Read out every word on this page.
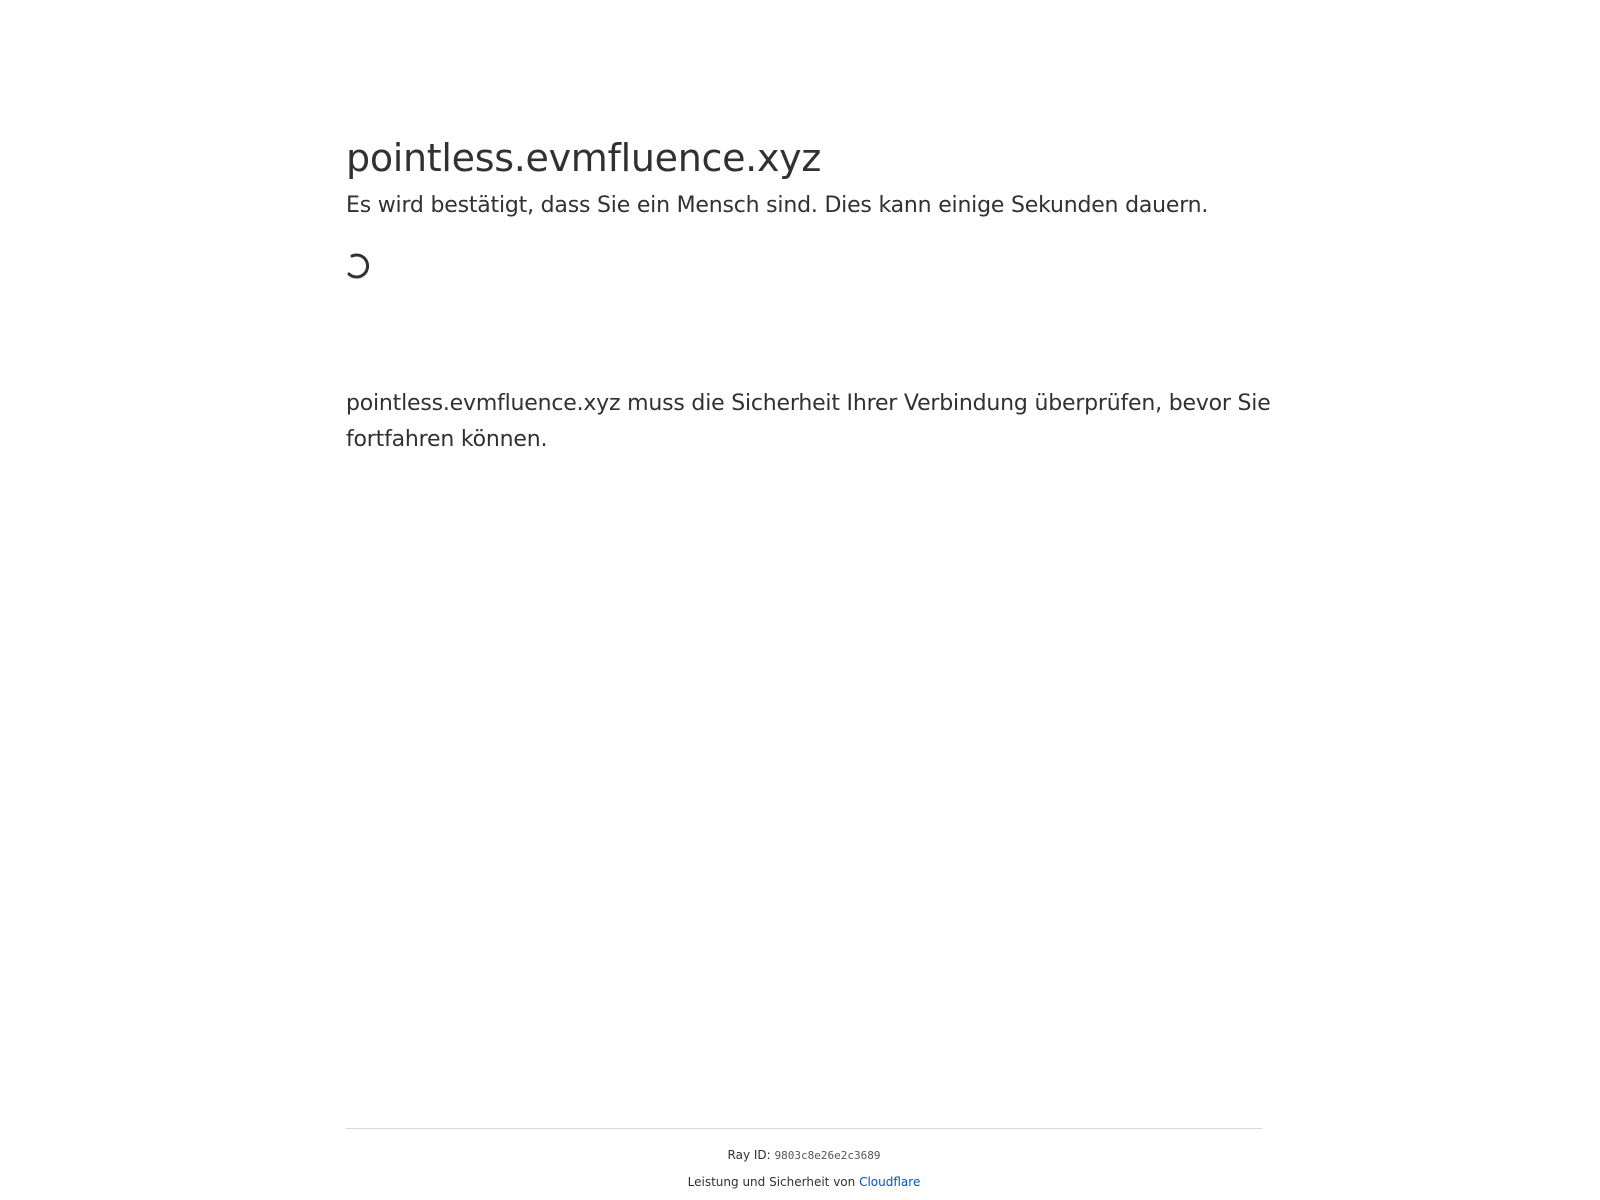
pointless.evmfluence.xyz

Es wird bestätigt, dass Sie ein Mensch sind. Dies kann einige Sekunden dauern.

pointless.evmfluence.xyz muss die Sicherheit Ihrer Verbindung überprüfen, bevor Sie fortfahren können.

Ray ID: 9803c8e26e2c3689
Leistung und Sicherheit von Cloudflare
